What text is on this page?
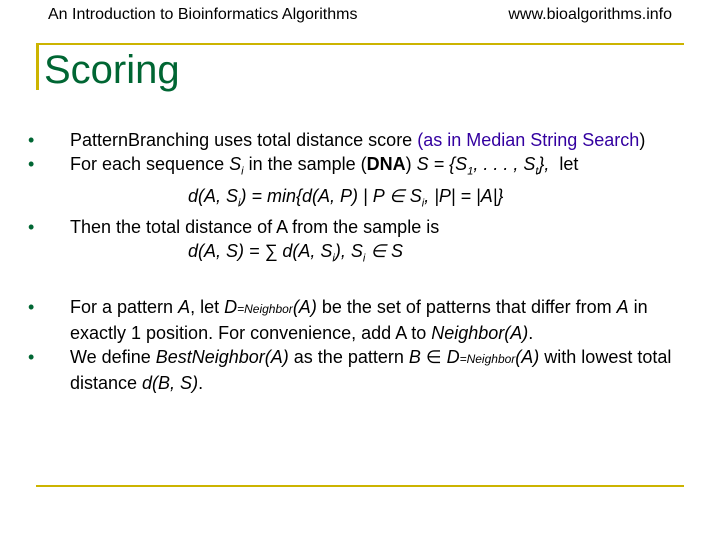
An Introduction to Bioinformatics Algorithms	www.bioalgorithms.info
Scoring
•	PatternBranching uses total distance score (as in Median String Search)
•	For each sequence $S_i$ in the sample (DNA) $S = \{S_1$, . . . , $S_t$},  let
d(A, $S_i) = \min\{d(A$, P) | P ∈ $S_i$, |P| = |A|}
•	Then the total distance of A from the sample is
d(A, S) = ∑ d(A, $S_i$), $S_i$ ∈ S
•	For a pattern A, let D=Neighbor(A) be the set of patterns that differ from A in exactly 1 position. For convenience, add A to Neighbor(A).
•	We define BestNeighbor(A) as the pattern B ∈ D=Neighbor(A) with lowest total distance d(B, S).
